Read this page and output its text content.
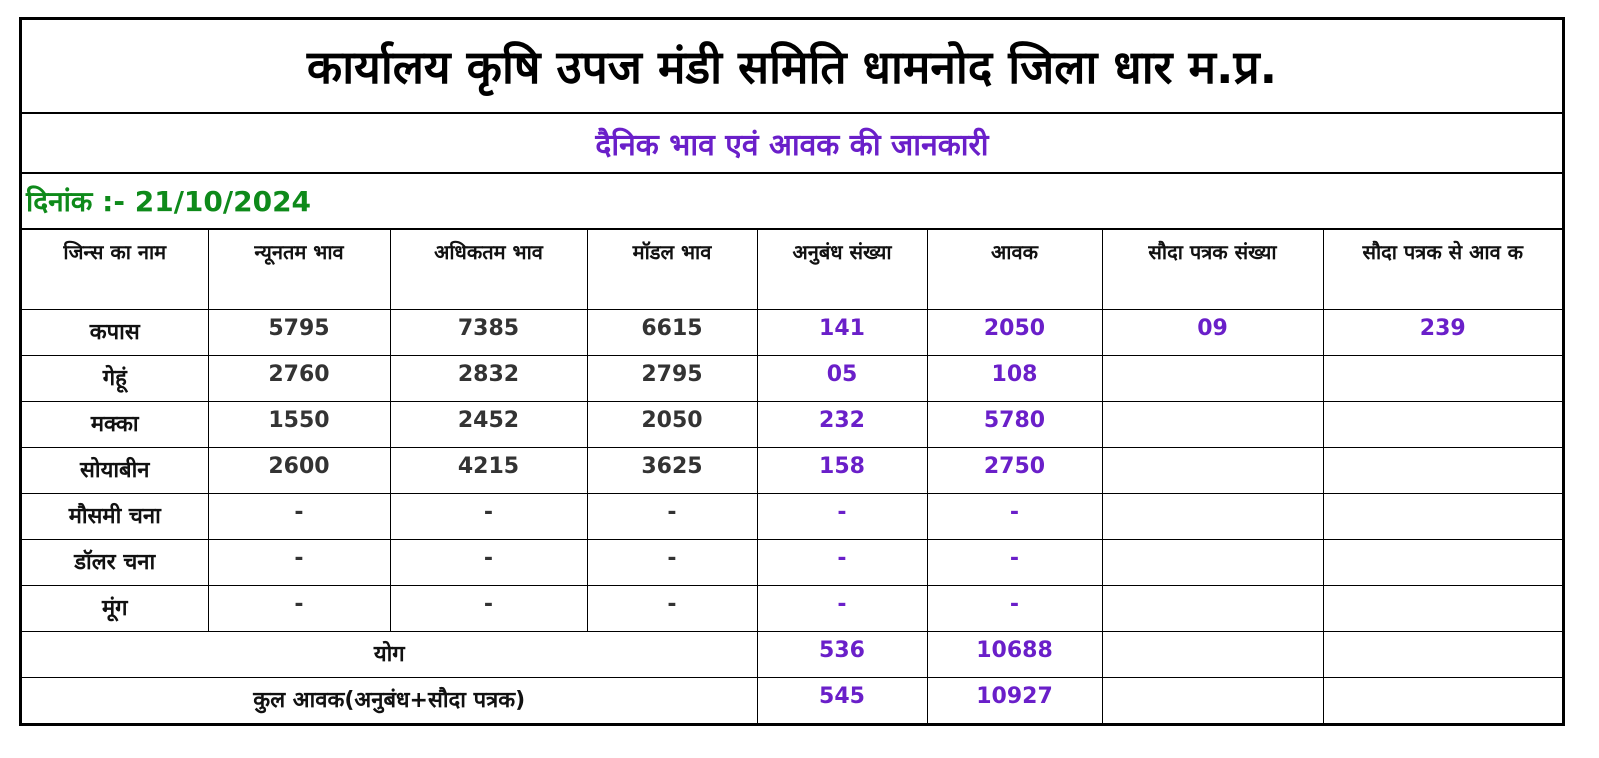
कार्यालय कृषि उपज मंडी समिति धामनोद जिला धार म.प्र.
दैनिक भाव एवं आवक की जानकारी
दिनांक :- 21/10/2024
जिन्स का नाम	न्यूनतम भाव	अधिकतम भाव	मॉडल भाव	अनुबंध संख्या	आवक	सौदा पत्रक संख्या	सौदा पत्रक से आव क
कपास	5795	7385	6615	141	2050	09	239
गेहूं	2760	2832	2795	05	108		
मक्का	1550	2452	2050	232	5780		
सोयाबीन	2600	4215	3625	158	2750		
मौसमी चना	-	-	-	-	-		
डॉलर चना	-	-	-	-	-		
मूंग	-	-	-	-	-		
योग				536	10688		
कुल आवक(अनुबंध+सौदा पत्रक)				545	10927		
